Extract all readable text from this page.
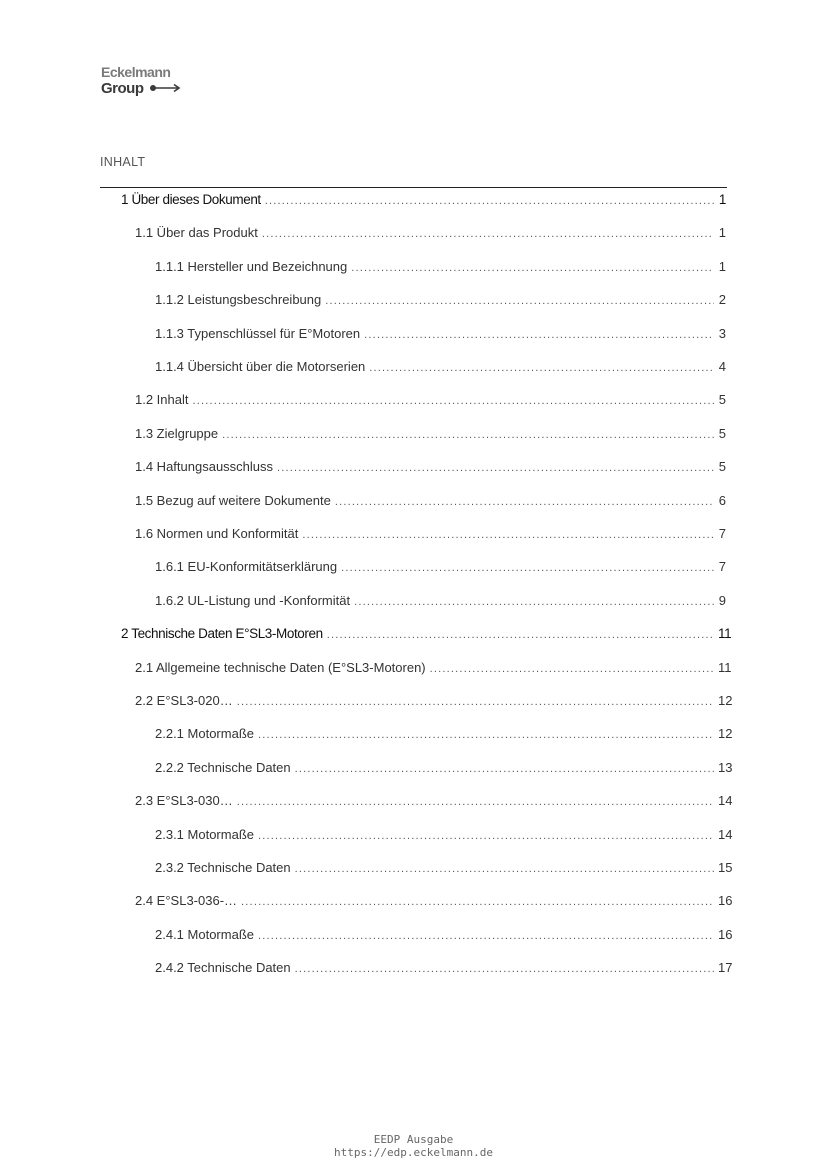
Eckelmann
Group
INHALT
1 Über dieses Dokument .....	1
1.1 Über das Produkt .....	1
1.1.1 Hersteller und Bezeichnung .....	1
1.1.2 Leistungsbeschreibung .....	2
1.1.3 Typenschlüssel für E°Motoren .....	3
1.1.4 Übersicht über die Motorserien .....	4
1.2 Inhalt .....	5
1.3 Zielgruppe .....	5
1.4 Haftungsausschluss .....	5
1.5 Bezug auf weitere Dokumente .....	6
1.6 Normen und Konformität .....	7
1.6.1 EU-Konformitätserklärung .....	7
1.6.2 UL-Listung und -Konformität .....	9
2 Technische Daten E°SL3-Motoren .....	11
2.1 Allgemeine technische Daten (E°SL3-Motoren) .....	11
2.2 E°SL3-020… .....	12
2.2.1 Motormaße .....	12
2.2.2 Technische Daten .....	13
2.3 E°SL3-030… .....	14
2.3.1 Motormaße .....	14
2.3.2 Technische Daten .....	15
2.4 E°SL3-036-… .....	16
2.4.1 Motormaße .....	16
2.4.2 Technische Daten .....	17
EEDP Ausgabe
https://edp.eckelmann.de
